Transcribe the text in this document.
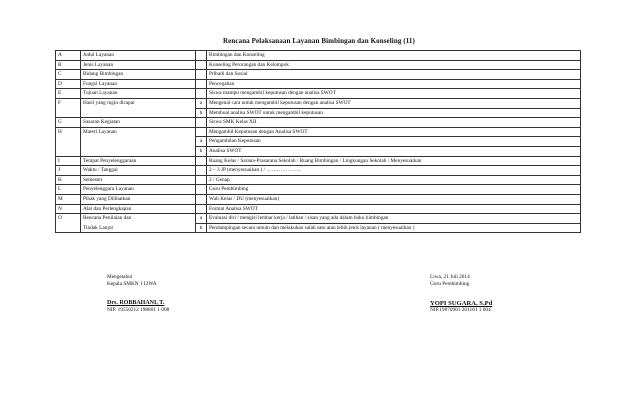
Rencana Pelaksanaan Layanan Bimbingan dan Konseling (11)
A	Judul Layanan		Bimbingan dan Konseling
B	Jenis Layanan		Konseling Perorangan dan Kelompok
C	Bidang Bimbingan		Pribadi dan Sosial
D	Fungsi Layanan		Pencegahan
E	Tujuan Layanan		Siswa mampu mengambil keputusan dengan analisa SWOT
F	Hasil yang ingin dicapai	a	Mengenal cara untuk mengambil keputusan dengan analisa SWOT
		b	Membuat analisa SWOT untuk mengambil keputusan
G	Sasaran Kegiatan		Siswa SMK Kelas XII
H	Materi Layanan		Mengambil Keputusan dengan Analisa SWOT
		a	Pengambilan Keputusan
		b	Analisa SWOT
I	Tempat Penyelenggaraan		Ruang Kelas / Sarana-Prasarana Sekolah / Ruang Bimbingan / Lingkungan Sekolah / Menyesuaikan
J	Waktu / Tanggal		2 – 3 JP (menyesuaikan ) / ………………..
K	Semester		2 / Genap
L	Penyelenggara Layanan		Guru Pembimbing
M	Pihak yang Dilibatkan		Wali Kelas / DU (menyesuaikan)
N	Alat dan Perlengkapan		Format Analisa SWOT
O	Rencana Penilaian dan	a	Evaluasi diri / mengisi lembar kerja / latihan / sisan yang ada dalam buku bimbingan
	Tindak Lanjut	b	Pendampingan secara umum dan melakukan salah satu atau lebih jenis layanan ( menyesuaikan )
Mengetahui
Kepala SMKN 1 I2WA
Drs. ROBBAHANI, T.
NIP. 19550212 198801 1 008
Liwa, 21 Juli 2014
Guru Pembimbing
YOPI SUGARA, S.Pd
NIP.19870901 201101 1 004
